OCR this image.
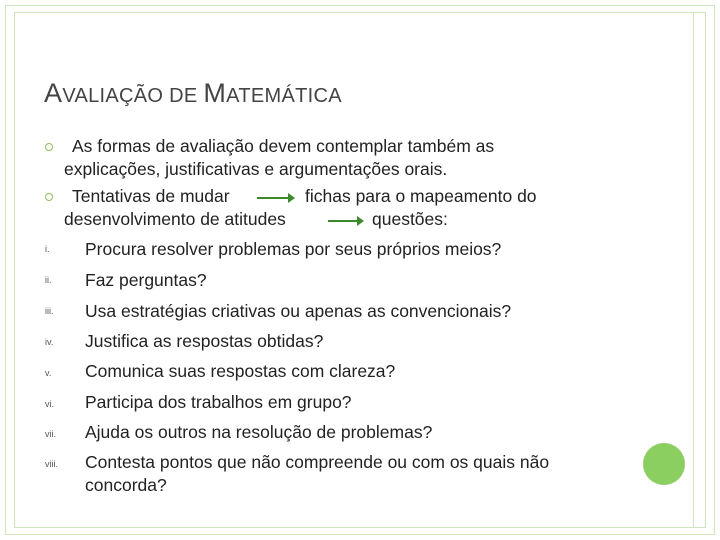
AVALIAÇÃO DE MATEMÁTICA
As formas de avaliação devem contemplar também as
explicações, justificativas e argumentações orais.
Tentativas de mudar	fichas para o mapeamento do
desenvolvimento de atitudes	questões:
i. Procura resolver problemas por seus próprios meios?
ii. Faz perguntas?
iii. Usa estratégias criativas ou apenas as convencionais?
iv. Justifica as respostas obtidas?
v. Comunica suas respostas com clareza?
vi. Participa dos trabalhos em grupo?
vii. Ajuda os outros na resolução de problemas?
viii. Contesta pontos que não compreende ou com os quais não
concorda?
